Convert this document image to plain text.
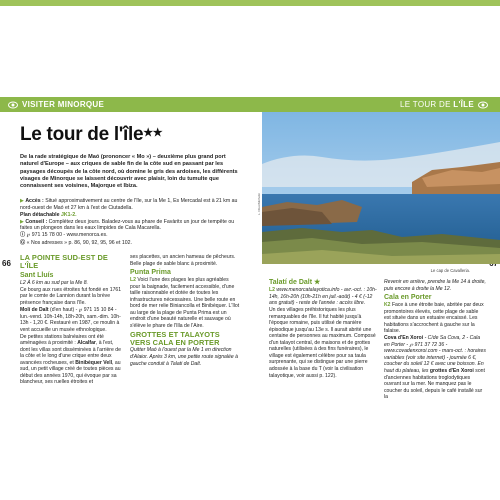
VISITER MINORQUE	LE TOUR DE L'ÎLE
66
Le tour de l'île★★
De la rade stratégique de Maó (prononcer « Mo ») – deuxième plus grand port naturel d'Europe – aux criques de sable fin de la côte sud en passant par les paysages découpés de la côte nord, où domine le gris des ardoises, les différents visages de Minorque se laissent découvrir avec plaisir, loin du tumulte que connaissent ses voisines, Majorque et Ibiza.

▶ Accès : Situé approximativement au centre de l'île, sur la Me 1, Es Mercadal est à 21 km au nord-ouest de Maó et 27 km à l'est de Ciutadella.

Plan détachable JK1-2.

▶ Conseil : Complétez deux jours. Baladez-vous au phare de Favàritx un jour de tempête ou faites un plongeon dans les eaux limpides de Cala Macarella.

ⓘ ℘ 971 15 78 00 - www.menorca.es.

Ⓖ « Nos adresses » p. 86, 90, 92, 95, 96 et 102.

LA POINTE SUD-EST DE L'ÎLE
Sant Lluís

L2 À 6 km au sud par la Me 8.

Ce bourg aux rues étroites fut fondé en 1761 par le comte de Lannion durant la brève présence française dans l'île.

Molí de Dalt (d'en haut) - ℘ 971 15 10 84 - lun.-vend. 10h-14h, 18h-20h, sam.-dim. 10h-13h - 1,20 €. Restauré en 1987, ce moulin à vent accueille un musée ethnologique.

De petites stations balnéaires ont été aménagées à proximité : Alcalfar, à l'est, dont les villas sont disséminées à l'arrière de la côte et le long d'une crique entre deux avancées rocheuses, et Binibèquer Vell, au sud, un petit village créé de toutes pièces au début des années 1970, qui évoque par sa blancheur, ses ruelles étroites et

ses placettes, un ancien hameau de pêcheurs. Belle plage de sable blanc à proximité.

Punta Prima

L2 Voici l'une des plages les plus agréables pour la baignade, facilement accessible, d'une taille raisonnable et dotée de toutes les infrastructures nécessaires. Une belle route en bord de mer relie Biniancolla et Binibèquer. L'îlot au large de la plage de Punta Prima est un endroit d'une beauté naturelle et sauvage où s'élève le phare de l'Illa de l'Aire.

GROTTES ET TALAYOTS VERS CALA EN PORTER

Quitter Maó à l'ouest par la Me 1 en direction d'Alaior. Après 3 km, une petite route signalée à gauche conduit à Talati de Dalt.

L. Olivo/Michelin
Le cap de Cavalleria.
Talatí de Dalt ★

L2 www.menorcatalayotica.info - avr.-oct. : 10h-14h, 16h-20h (10h-21h en juil.-août) - 4 € (-12 ans gratuit) - reste de l'année : accès libre.

Un des villages préhistoriques les plus remarquables de l'île. Il fut habité jusqu'à l'époque romaine, puis utilisé de manière épisodique jusqu'au 13e s. Il aurait abrité une centaine de personnes au maximum. Composé d'un talayot central, de maisons et de grottes naturelles (utilisées à des fins funéraires), le village est également célèbre pour sa taula surprenante, qui se distingue par une pierre adossée à la base du T (voir la civilisation talayotique, voir aussi p. 122).

Revenir en arrière, prendre la Me 14 à droite, puis encore à droite la Me 12.

Cala en Porter

K2 Face à une étroite baie, abritée par deux promontoires élevés, cette plage de sable est située dans un estuaire encaissé. Les habitations s'accrochent à gauche sur la falaise.

Cova d'En Xoroi - C/de Sa Cova, 2 - Cala en Porter - ℘ 971 37 72 36 - www.covadenxoroi.com - mars-oct. : horaires variables (voir site internet) - journée 6 €, coucher du soleil 12 € avec une boisson. En haut du plateau, les grottes d'En Xoroi sont d'anciennes habitations troglodytiques ouvrant sur la mer. Ne manquez pas le coucher du soleil, depuis le café installé sur la
